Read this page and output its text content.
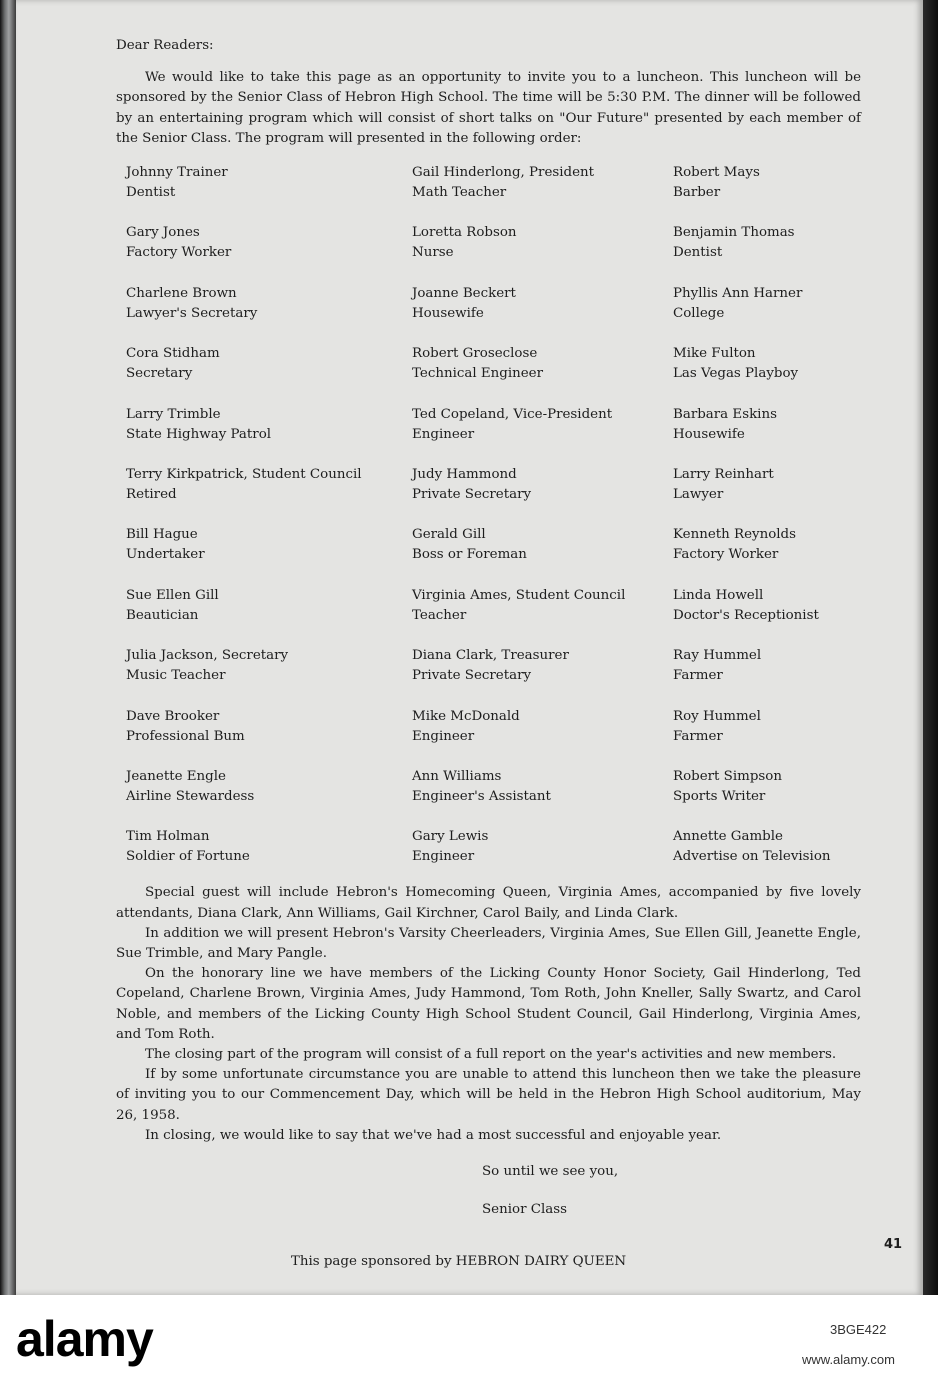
Dear Readers:

We would like to take this page as an opportunity to invite you to a luncheon. This luncheon will be sponsored by the Senior Class of Hebron High School. The time will be 5:30 P.M. The dinner will be followed by an entertaining program which will consist of short talks on "Our Future" presented by each member of the Senior Class. The program will presented in the following order:

Johnny Trainer
Dentist
Gail Hinderlong, President
Math Teacher
Robert Mays
Barber
Gary Jones
Factory Worker
Loretta Robson
Nurse
Benjamin Thomas
Dentist
Charlene Brown
Lawyer's Secretary
Joanne Beckert
Housewife
Phyllis Ann Harner
College
Cora Stidham
Secretary
Robert Groseclose
Technical Engineer
Mike Fulton
Las Vegas Playboy
Larry Trimble
State Highway Patrol
Ted Copeland, Vice-President
Engineer
Barbara Eskins
Housewife
Terry Kirkpatrick, Student Council
Retired
Judy Hammond
Private Secretary
Larry Reinhart
Lawyer
Bill Hague
Undertaker
Gerald Gill
Boss or Foreman
Kenneth Reynolds
Factory Worker
Sue Ellen Gill
Beautician
Virginia Ames, Student Council
Teacher
Linda Howell
Doctor's Receptionist
Julia Jackson, Secretary
Music Teacher
Diana Clark, Treasurer
Private Secretary
Ray Hummel
Farmer
Dave Brooker
Professional Bum
Mike McDonald
Engineer
Roy Hummel
Farmer
Jeanette Engle
Airline Stewardess
Ann Williams
Engineer's Assistant
Robert Simpson
Sports Writer
Tim Holman
Soldier of Fortune
Gary Lewis
Engineer
Annette Gamble
Advertise on Television

Special guest will include Hebron's Homecoming Queen, Virginia Ames, accompanied by five lovely attendants, Diana Clark, Ann Williams, Gail Kirchner, Carol Baily, and Linda Clark.

In addition we will present Hebron's Varsity Cheerleaders, Virginia Ames, Sue Ellen Gill, Jeanette Engle, Sue Trimble, and Mary Pangle.

On the honorary line we have members of the Licking County Honor Society, Gail Hinderlong, Ted Copeland, Charlene Brown, Virginia Ames, Judy Hammond, Tom Roth, John Kneller, Sally Swartz, and Carol Noble, and members of the Licking County High School Student Council, Gail Hinderlong, Virginia Ames, and Tom Roth.

The closing part of the program will consist of a full report on the year's activities and new members.

If by some unfortunate circumstance you are unable to attend this luncheon then we take the pleasure of inviting you to our Commencement Day, which will be held in the Hebron High School auditorium, May 26, 1958.

In closing, we would like to say that we've had a most successful and enjoyable year.

So until we see you,
Senior Class
This page sponsored by HEBRON DAIRY QUEEN
41
alamy	3BGE422
www.alamy.com
